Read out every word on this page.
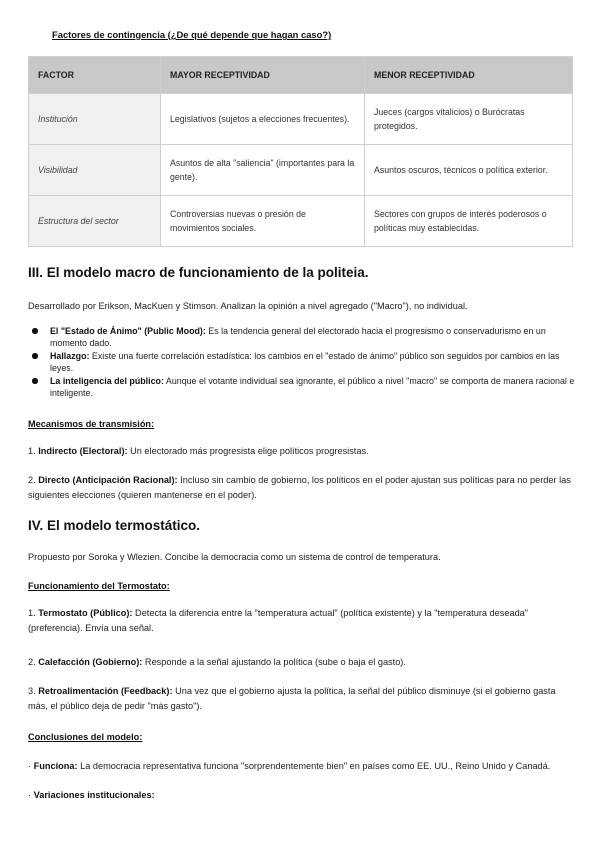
Factores de contingencia (¿De qué depende que hagan caso?)

FACTOR	MAYOR RECEPTIVIDAD	MENOR RECEPTIVIDAD
Institución	Legislativos (sujetos a elecciones frecuentes).	Jueces (cargos vitalicios) o Burócratas protegidos.
Visibilidad	Asuntos de alta "saliencia" (importantes para la gente).	Asuntos oscuros, técnicos o política exterior.
Estructura del sector	Controversias nuevas o presión de movimientos sociales.	Sectores con grupos de interés poderosos o políticas muy establecidas.
III. El modelo macro de funcionamiento de la politeia.

Desarrollado por Erikson, MacKuen y Stimson. Analizan la opinión a nivel agregado ("Macro"), no individual.

El "Estado de Ánimo" (Public Mood): Es la tendencia general del electorado hacia el progresismo o conservadurismo en un momento dado.
Hallazgo: Existe una fuerte correlación estadística: los cambios en el "estado de ánimo" público son seguidos por cambios en las leyes.
La inteligencia del público: Aunque el votante individual sea ignorante, el público a nivel "macro" se comporta de manera racional e inteligente.

Mecanismos de transmisión:

1. Indirecto (Electoral): Un electorado más progresista elige políticos progresistas.

2. Directo (Anticipación Racional): Incluso sin cambio de gobierno, los políticos en el poder ajustan sus políticas para no perder las siguientes elecciones (quieren mantenerse en el poder).

IV. El modelo termostático.

Propuesto por Soroka y Wlezien. Concibe la democracia como un sistema de control de temperatura.

Funcionamiento del Termostato:

1. Termostato (Público): Detecta la diferencia entre la "temperatura actual" (política existente) y la "temperatura deseada" (preferencia). Envía una señal.

2. Calefacción (Gobierno): Responde a la señal ajustando la política (sube o baja el gasto).

3. Retroalimentación (Feedback): Una vez que el gobierno ajusta la política, la señal del público disminuye (si el gobierno gasta más, el público deja de pedir "más gasto").

Conclusiones del modelo:

· Funciona: La democracia representativa funciona "sorprendentemente bien" en países como EE. UU., Reino Unido y Canadá.

· Variaciones institucionales:
